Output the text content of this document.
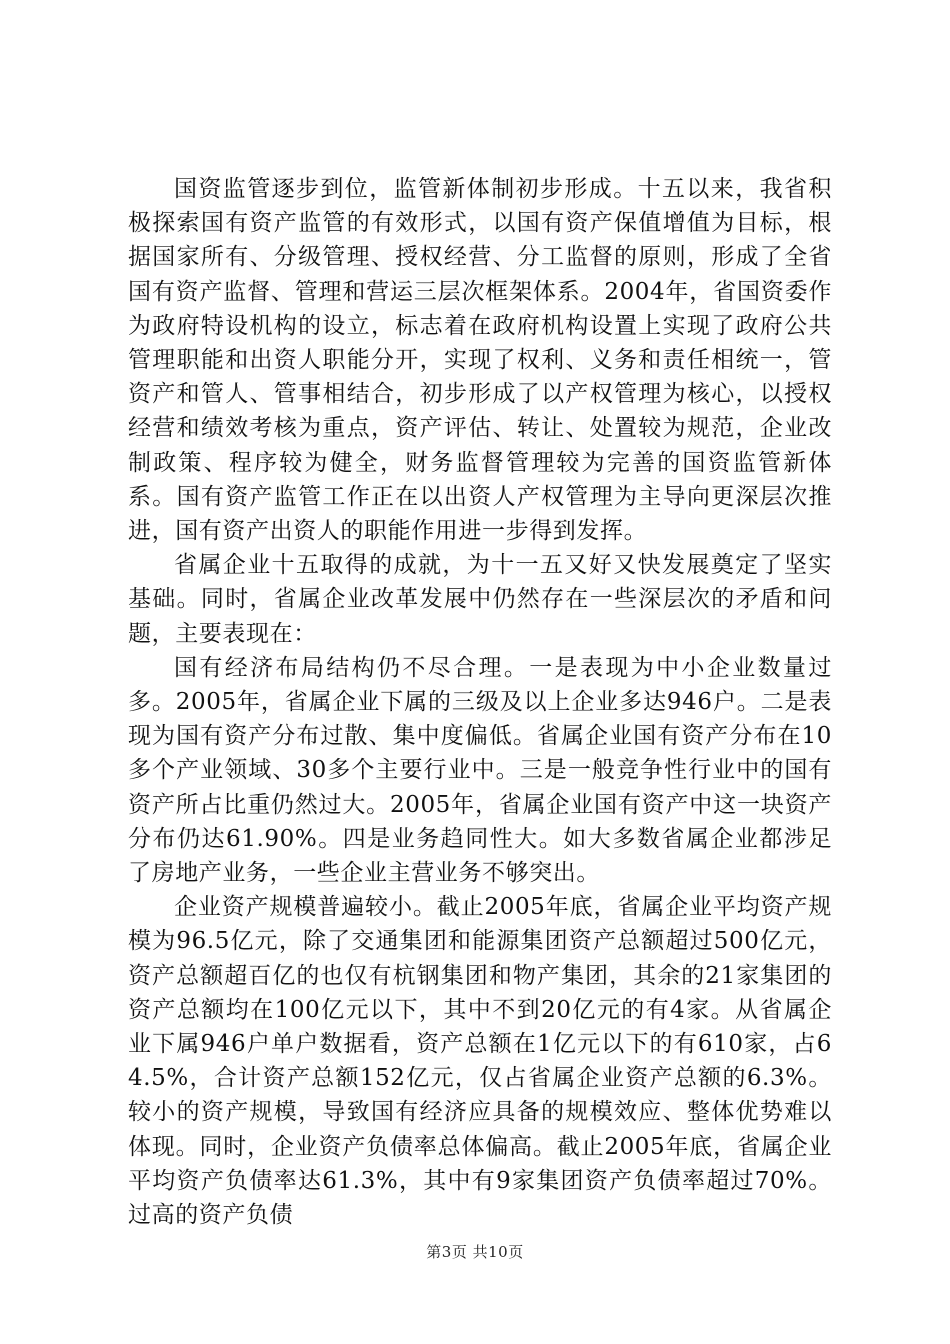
国资监管逐步到位，监管新体制初步形成。十五以来，我省积极探索国有资产监管的有效形式，以国有资产保值增值为目标，根据国家所有、分级管理、授权经营、分工监督的原则，形成了全省国有资产监督、管理和营运三层次框架体系。2004年，省国资委作为政府特设机构的设立，标志着在政府机构设置上实现了政府公共管理职能和出资人职能分开，实现了权利、义务和责任相统一，管资产和管人、管事相结合，初步形成了以产权管理为核心，以授权经营和绩效考核为重点，资产评估、转让、处置较为规范，企业改制政策、程序较为健全，财务监督管理较为完善的国资监管新体系。国有资产监管工作正在以出资人产权管理为主导向更深层次推进，国有资产出资人的职能作用进一步得到发挥。

省属企业十五取得的成就，为十一五又好又快发展奠定了坚实基础。同时，省属企业改革发展中仍然存在一些深层次的矛盾和问题，主要表现在：

国有经济布局结构仍不尽合理。一是表现为中小企业数量过多。2005年，省属企业下属的三级及以上企业多达946户。二是表现为国有资产分布过散、集中度偏低。省属企业国有资产分布在10多个产业领域、30多个主要行业中。三是一般竞争性行业中的国有资产所占比重仍然过大。2005年，省属企业国有资产中这一块资产分布仍达61.90%。四是业务趋同性大。如大多数省属企业都涉足了房地产业务，一些企业主营业务不够突出。

企业资产规模普遍较小。截止2005年底，省属企业平均资产规模为96.5亿元，除了交通集团和能源集团资产总额超过500亿元，资产总额超百亿的也仅有杭钢集团和物产集团，其余的21家集团的资产总额均在100亿元以下，其中不到20亿元的有4家。从省属企业下属946户单户数据看，资产总额在1亿元以下的有610家，占64.5%，合计资产总额152亿元，仅占省属企业资产总额的6.3%。较小的资产规模，导致国有经济应具备的规模效应、整体优势难以体现。同时，企业资产负债率总体偏高。截止2005年底，省属企业平均资产负债率达61.3%，其中有9家集团资产负债率超过70%。过高的资产负债

第3页 共10页
